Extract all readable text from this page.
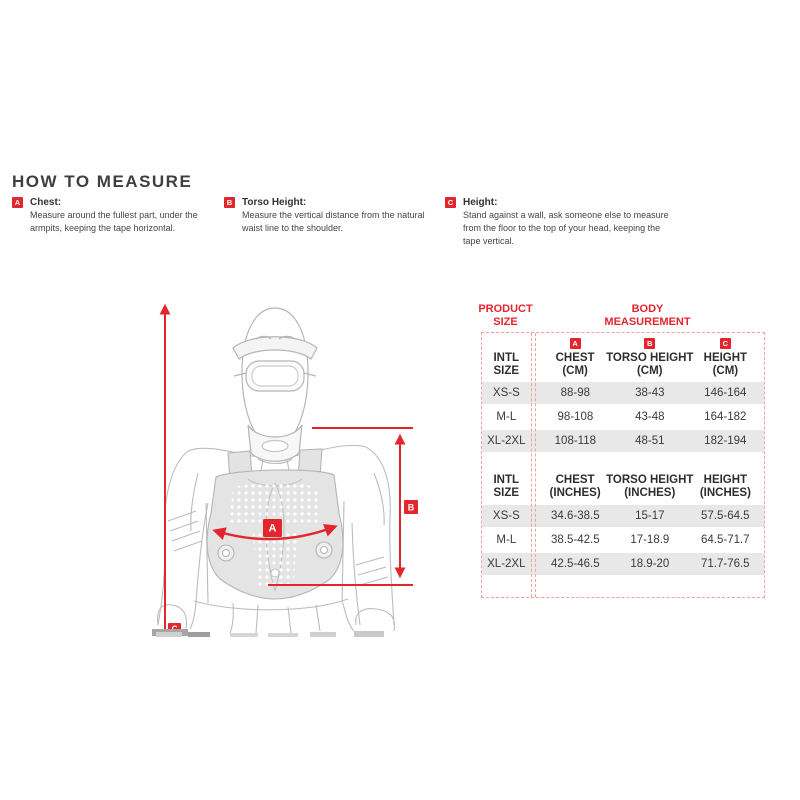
HOW TO MEASURE
A Chest:
Measure around the fullest part, under the
armpits, keeping the tape horizontal.
B Torso Height:
Measure the vertical distance from the natural
waist line to the shoulder.
C Height:
Stand against a wall, ask someone else to measure
from the floor to the top of your head, keeping the
tape vertical.
A
B
PRODUCT SIZE
BODY MEASUREMENT
INTL
SIZE
A
CHEST
(CM)
B
TORSO HEIGHT
(CM)
C
HEIGHT
(CM)
XS-S	88-98	38-43	146-164
M-L	98-108	43-48	164-182
XL-2XL	108-118	48-51	182-194
INTL
SIZE
CHEST
(INCHES)
TORSO HEIGHT
(INCHES)
HEIGHT
(INCHES)
XS-S	34.6-38.5	15-17	57.5-64.5
M-L	38.5-42.5	17-18.9	64.5-71.7
XL-2XL	42.5-46.5	18.9-20	71.7-76.5
